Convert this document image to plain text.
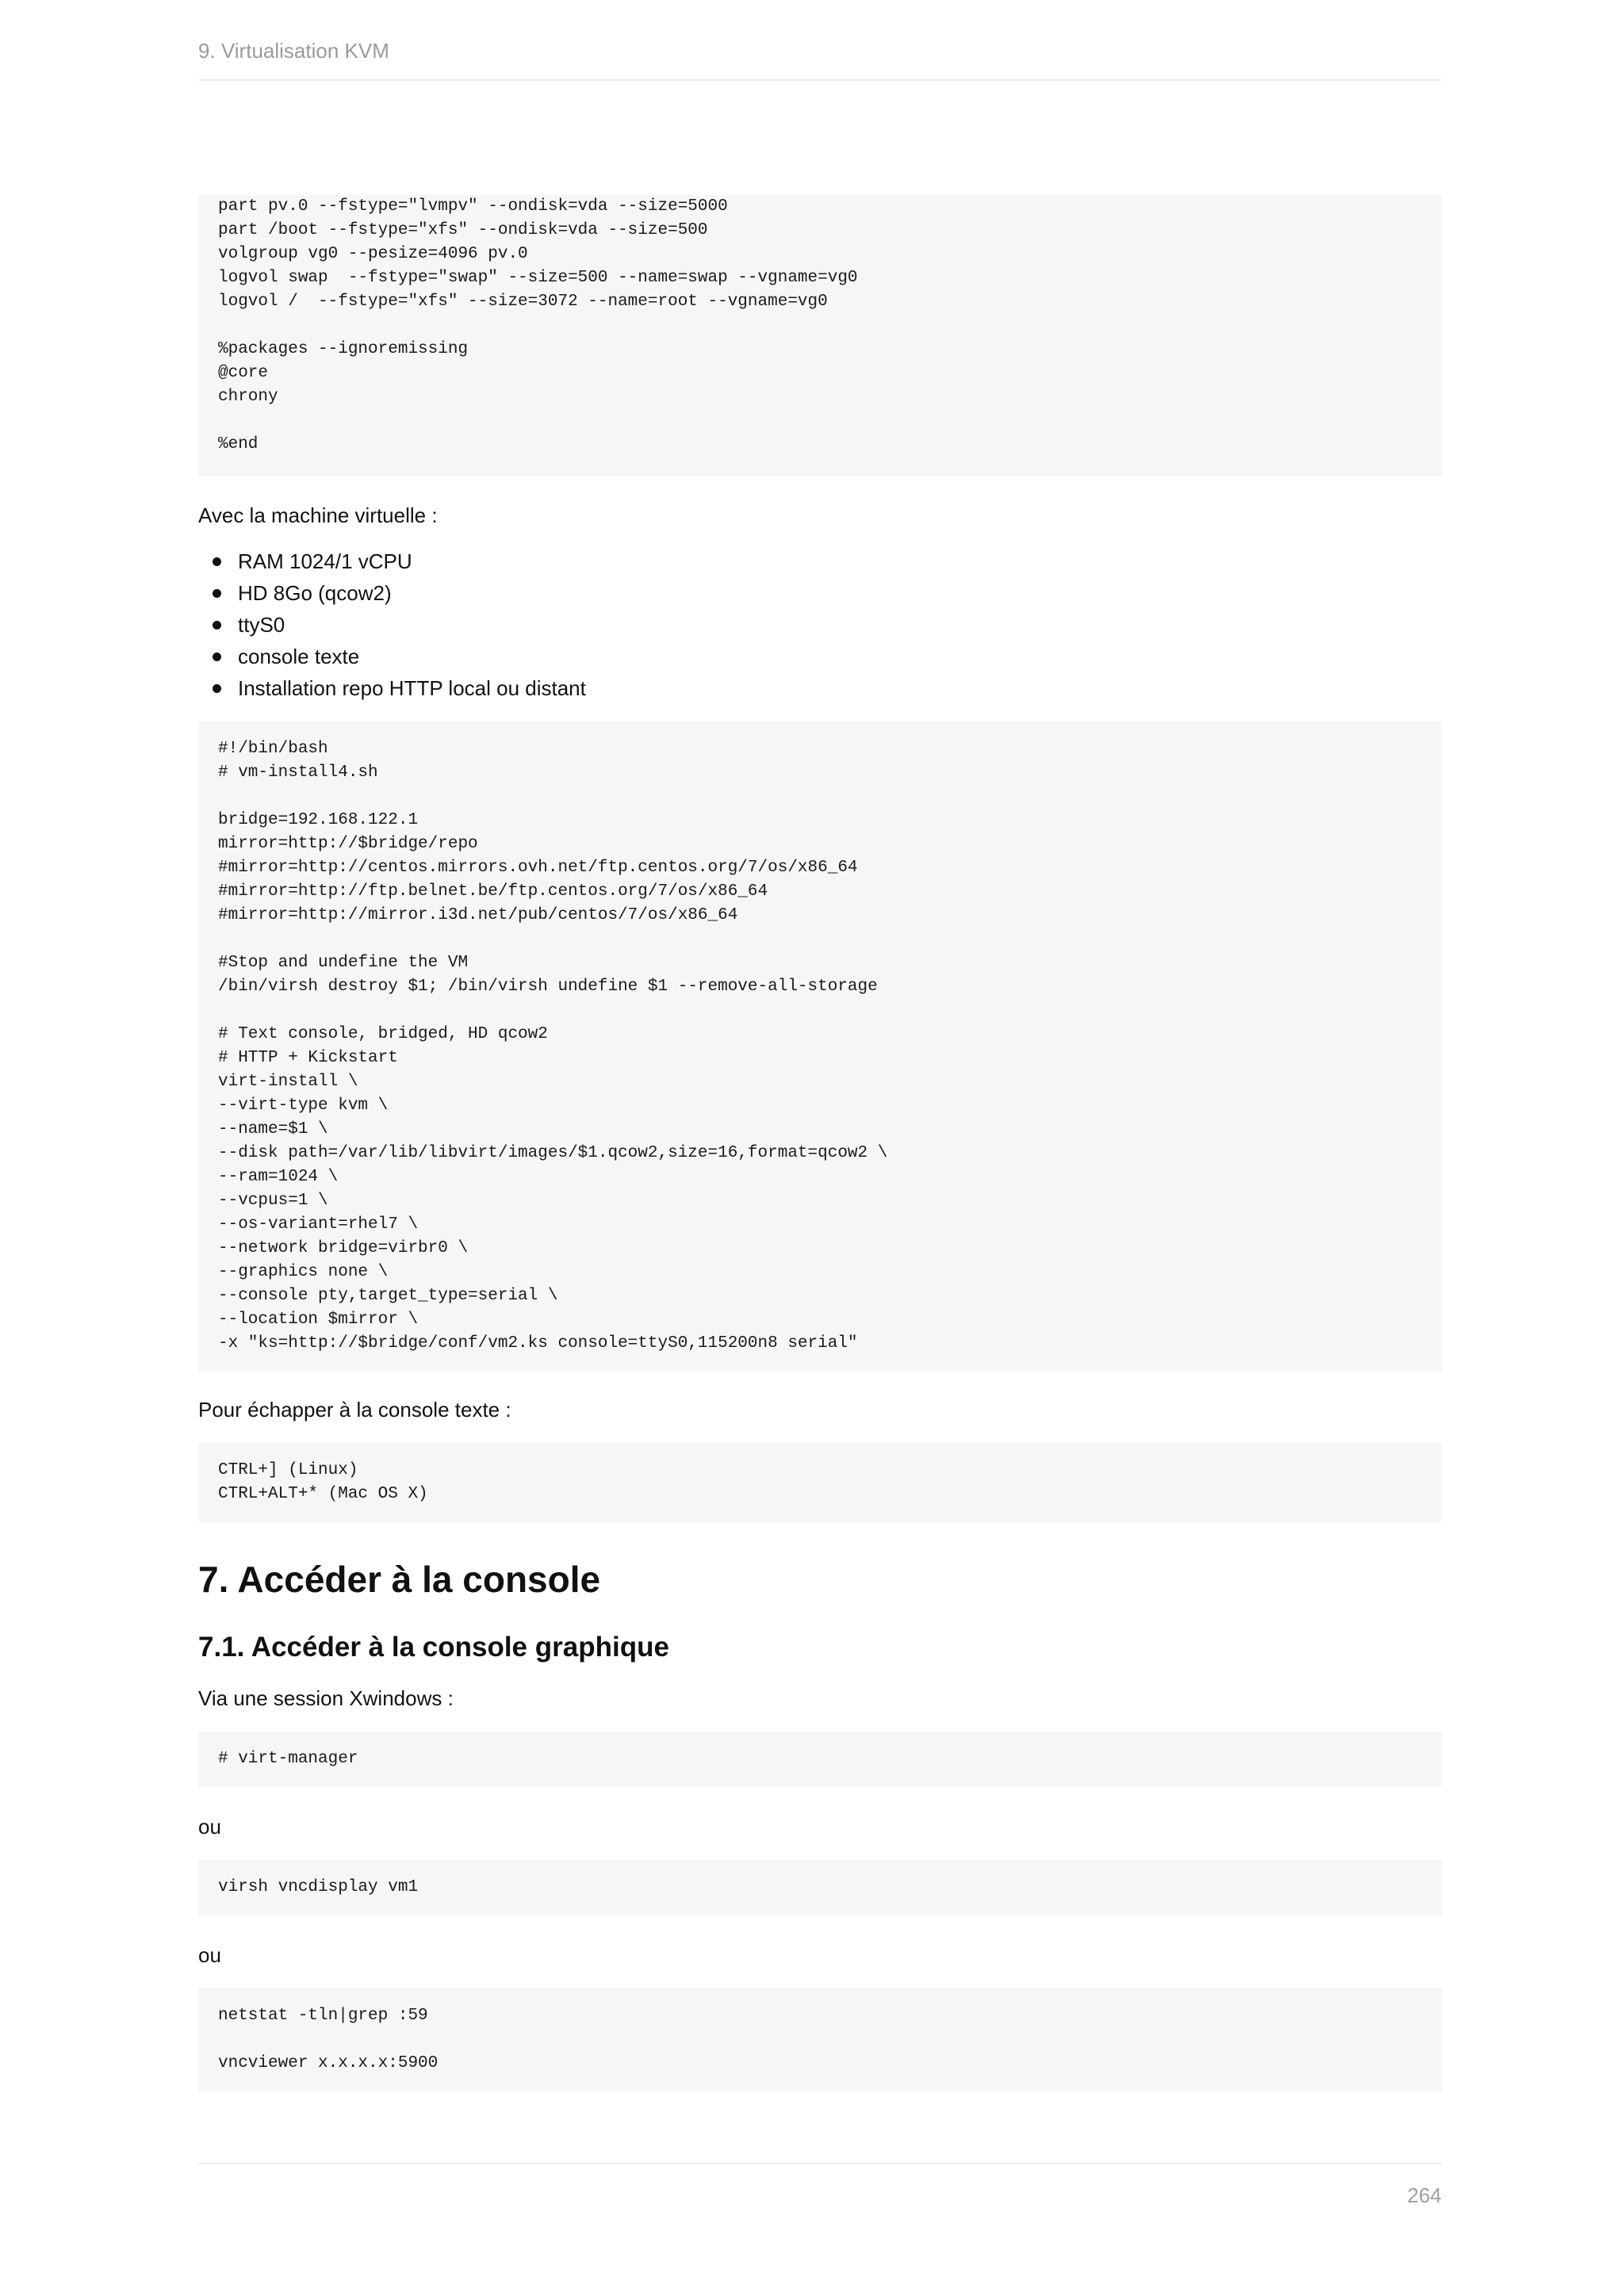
9. Virtualisation KVM
part pv.0 --fstype="lvmpv" --ondisk=vda --size=5000
part /boot --fstype="xfs" --ondisk=vda --size=500
volgroup vg0 --pesize=4096 pv.0
logvol swap  --fstype="swap" --size=500 --name=swap --vgname=vg0
logvol /  --fstype="xfs" --size=3072 --name=root --vgname=vg0

%packages --ignoremissing
@core
chrony

%end

Avec la machine virtuelle :

RAM 1024/1 vCPU
HD 8Go (qcow2)
ttyS0
console texte
Installation repo HTTP local ou distant
#!/bin/bash
# vm-install4.sh

bridge=192.168.122.1
mirror=http://$bridge/repo
#mirror=http://centos.mirrors.ovh.net/ftp.centos.org/7/os/x86_64
#mirror=http://ftp.belnet.be/ftp.centos.org/7/os/x86_64
#mirror=http://mirror.i3d.net/pub/centos/7/os/x86_64

#Stop and undefine the VM
/bin/virsh destroy $1; /bin/virsh undefine $1 --remove-all-storage

# Text console, bridged, HD qcow2
# HTTP + Kickstart
virt-install \
--virt-type kvm \
--name=$1 \
--disk path=/var/lib/libvirt/images/$1.qcow2,size=16,format=qcow2 \
--ram=1024 \
--vcpus=1 \
--os-variant=rhel7 \
--network bridge=virbr0 \
--graphics none \
--console pty,target_type=serial \
--location $mirror \
-x "ks=http://$bridge/conf/vm2.ks console=ttyS0,115200n8 serial"

Pour échapper à la console texte :

CTRL+] (Linux)
CTRL+ALT+* (Mac OS X)
7. Accéder à la console
7.1. Accéder à la console graphique

Via une session Xwindows :

# virt-manager

ou

virsh vncdisplay vm1

ou

netstat -tln|grep :59

vncviewer x.x.x.x:5900
264
